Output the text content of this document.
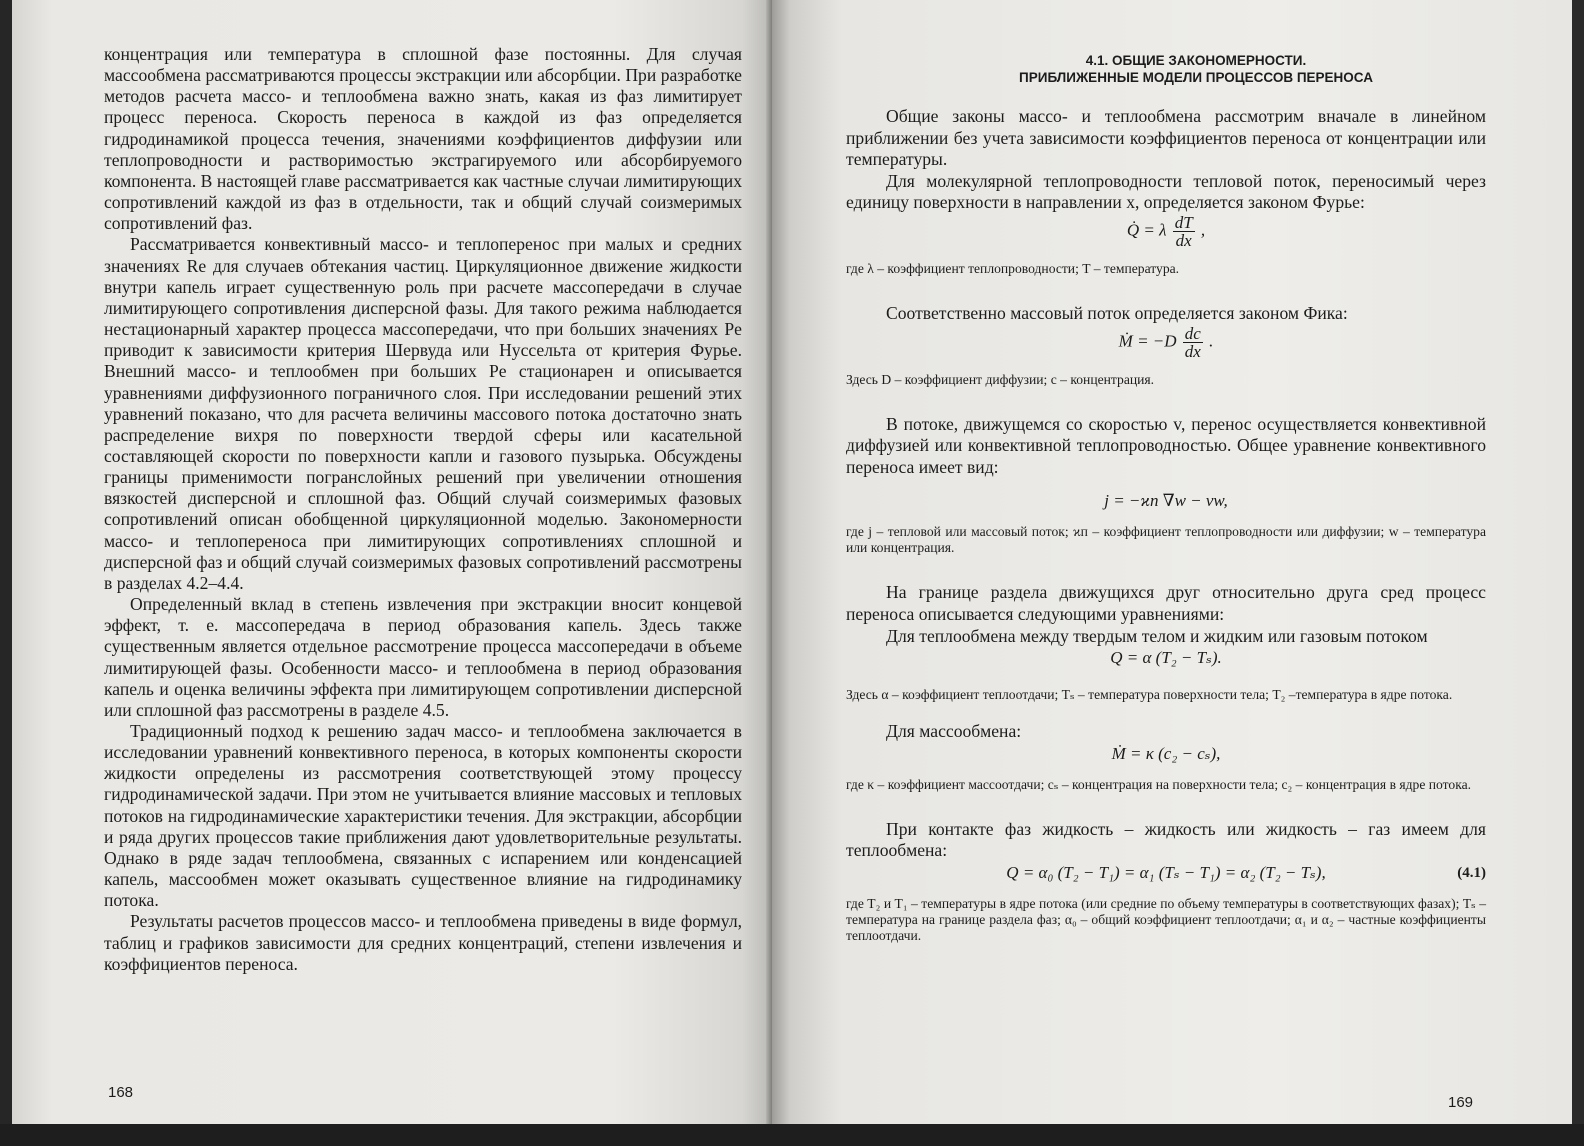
концентрация или температура в сплошной фазе постоянны. Для случая массообмена рассматриваются процессы экстракции или абсорбции. При разработке методов расчета массо- и теплообмена важно знать, какая из фаз лимитирует процесс переноса. Скорость переноса в каждой из фаз определяется гидродинамикой процесса течения, значениями коэффициентов диффузии или теплопроводности и растворимостью экстрагируемого или абсорбируемого компонента. В настоящей главе рассматривается как частные случаи лимитирующих сопротивлений каждой из фаз в отдельности, так и общий случай соизмеримых сопротивлений фаз.

Рассматривается конвективный массо- и теплоперенос при малых и средних значениях Re для случаев обтекания частиц. Циркуляционное движение жидкости внутри капель играет существенную роль при расчете массопередачи в случае лимитирующего сопротивления дисперсной фазы. Для такого режима наблюдается нестационарный характер процесса массопередачи, что при больших значениях Pe приводит к зависимости критерия Шервуда или Нуссельта от критерия Фурье. Внешний массо- и теплообмен при больших Pe стационарен и описывается уравнениями диффузионного пограничного слоя. При исследовании решений этих уравнений показано, что для расчета величины массового потока достаточно знать распределение вихря по поверхности твердой сферы или касательной составляющей скорости по поверхности капли и газового пузырька. Обсуждены границы применимости погранслойных решений при увеличении отношения вязкостей дисперсной и сплошной фаз. Общий случай соизмеримых фазовых сопротивлений описан обобщенной циркуляционной моделью. Закономерности массо- и теплопереноса при лимитирующих сопротивлениях сплошной и дисперсной фаз и общий случай соизмеримых фазовых сопротивлений рассмотрены в разделах 4.2–4.4.

Определенный вклад в степень извлечения при экстракции вносит концевой эффект, т. е. массопередача в период образования капель. Здесь также существенным является отдельное рассмотрение процесса массопередачи в объеме лимитирующей фазы. Особенности массо- и теплообмена в период образования капель и оценка величины эффекта при лимитирующем сопротивлении дисперсной или сплошной фаз рассмотрены в разделе 4.5.

Традиционный подход к решению задач массо- и теплообмена заключается в исследовании уравнений конвективного переноса, в которых компоненты скорости жидкости определены из рассмотрения соответствующей этому процессу гидродинамической задачи. При этом не учитывается влияние массовых и тепловых потоков на гидродинамические характеристики течения. Для экстракции, абсорбции и ряда других процессов такие приближения дают удовлетворительные результаты. Однако в ряде задач теплообмена, связанных с испарением или конденсацией капель, массообмен может оказывать существенное влияние на гидродинамику потока.

Результаты расчетов процессов массо- и теплообмена приведены в виде формул, таблиц и графиков зависимости для средних концентраций, степени извлечения и коэффициентов переноса.

168
4.1. ОБЩИЕ ЗАКОНОМЕРНОСТИ.
ПРИБЛИЖЕННЫЕ МОДЕЛИ ПРОЦЕССОВ ПЕРЕНОСА

Общие законы массо- и теплообмена рассмотрим вначале в линейном приближении без учета зависимости коэффициентов переноса от концентрации или температуры.

Для молекулярной теплопроводности тепловой поток, переносимый через единицу поверхности в направлении x, определяется законом Фурье:

Q̇ = λ $\frac{dT}{dx}$ ,

где λ – коэффициент теплопроводности; T – температура.

Соответственно массовый поток определяется законом Фика:

Ṁ = $-D \frac{dc}{dx}$ .

Здесь D – коэффициент диффузии; c – концентрация.

В потоке, движущемся со скоростью v, перенос осуществляется конвективной диффузией или конвективной теплопроводностью. Общее уравнение конвективного переноса имеет вид:

j = −ϰп ∇w − vw,

где j – тепловой или массовый поток; ϰп – коэффициент теплопроводности или диффузии; w – температура или концентрация.

На границе раздела движущихся друг относительно друга сред процесс переноса описывается следующими уравнениями:

Для теплообмена между твердым телом и жидким или газовым потоком

Q = α (T₂ − Tₛ).

Здесь α – коэффициент теплоотдачи; Tₛ – температура поверхности тела; T₂ –температура в ядре потока.

Для массообмена:

Ṁ = κ (c₂ − cₛ),

где κ – коэффициент массоотдачи; cₛ – концентрация на поверхности тела; c₂ – концентрация в ядре потока.

При контакте фаз жидкость – жидкость или жидкость – газ имеем для теплообмена:

Q = α₀ (T₂ − T₁) = α₁ (Tₛ − T₁) = α₂ (T₂ − Tₛ),	(4.1)

где T₂ и T₁ – температуры в ядре потока (или средние по объему температуры в соответствующих фазах); Tₛ – температура на границе раздела фаз; α₀ – общий коэффициент теплоотдачи; α₁ и α₂ – частные коэффициенты теплоотдачи.

169
